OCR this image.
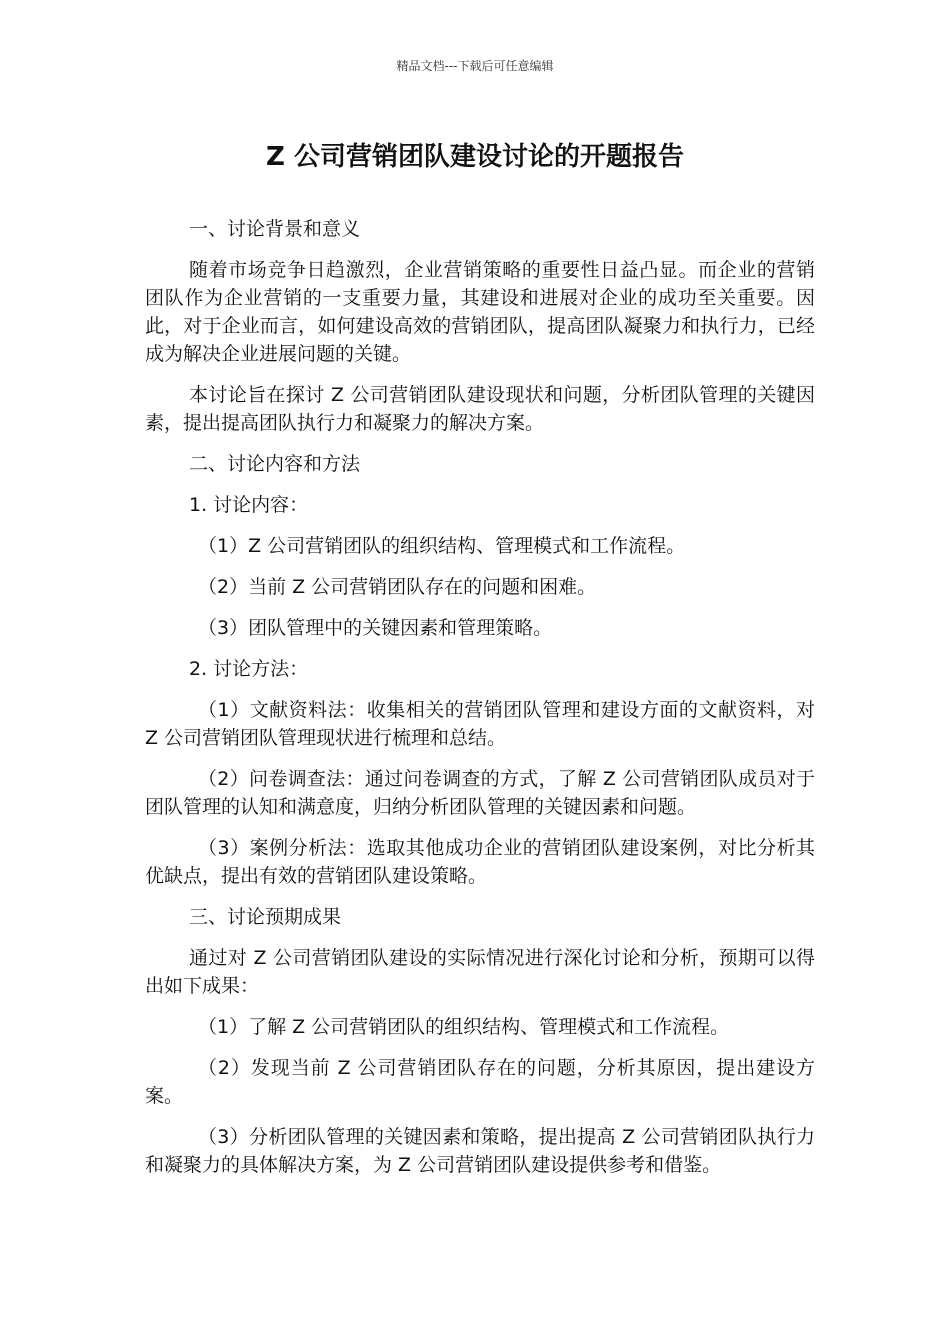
精品文档---下载后可任意编辑
Z 公司营销团队建设讨论的开题报告

一、讨论背景和意义

随着市场竞争日趋激烈，企业营销策略的重要性日益凸显。而企业的营销团队作为企业营销的一支重要力量，其建设和进展对企业的成功至关重要。因此，对于企业而言，如何建设高效的营销团队，提高团队凝聚力和执行力，已经成为解决企业进展问题的关键。

本讨论旨在探讨 Z 公司营销团队建设现状和问题，分析团队管理的关键因素，提出提高团队执行力和凝聚力的解决方案。

二、讨论内容和方法

1. 讨论内容：

（1）Z 公司营销团队的组织结构、管理模式和工作流程。

（2）当前 Z 公司营销团队存在的问题和困难。

（3）团队管理中的关键因素和管理策略。

2. 讨论方法：

（1）文献资料法：收集相关的营销团队管理和建设方面的文献资料，对 Z 公司营销团队管理现状进行梳理和总结。

（2）问卷调查法：通过问卷调查的方式，了解 Z 公司营销团队成员对于团队管理的认知和满意度，归纳分析团队管理的关键因素和问题。

（3）案例分析法：选取其他成功企业的营销团队建设案例，对比分析其优缺点，提出有效的营销团队建设策略。

三、讨论预期成果

通过对 Z 公司营销团队建设的实际情况进行深化讨论和分析，预期可以得出如下成果：

（1）了解 Z 公司营销团队的组织结构、管理模式和工作流程。

（2）发现当前 Z 公司营销团队存在的问题，分析其原因，提出建设方案。

（3）分析团队管理的关键因素和策略，提出提高 Z 公司营销团队执行力和凝聚力的具体解决方案，为 Z 公司营销团队建设提供参考和借鉴。
